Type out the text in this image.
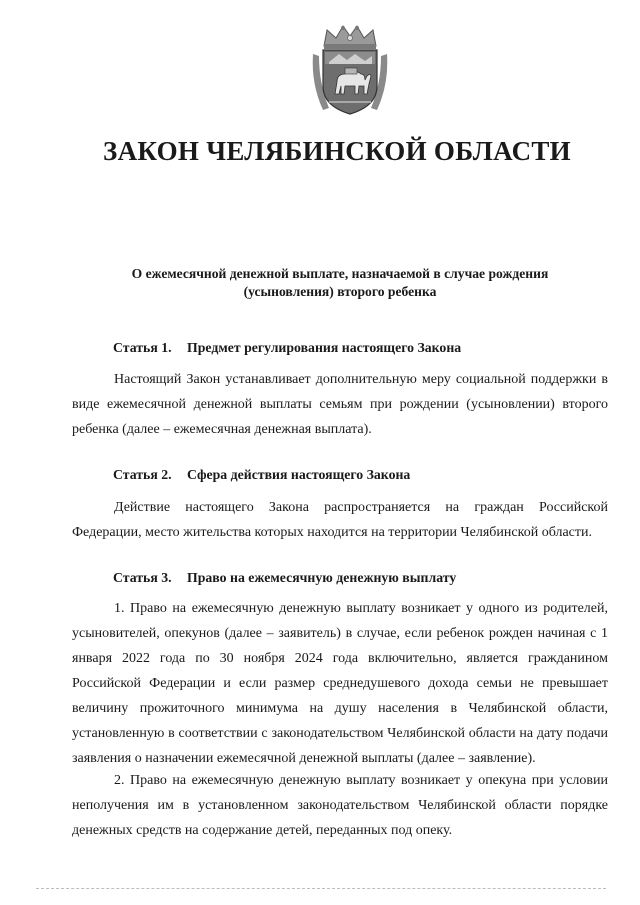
ЗАКОН ЧЕЛЯБИНСКОЙ ОБЛАСТИ
О ежемесячной денежной выплате, назначаемой в случае рождения
(усыновления) второго ребенка
Статья 1. Предмет регулирования настоящего Закона

Настоящий Закон устанавливает дополнительную меру социальной поддержки в виде ежемесячной денежной выплаты семьям при рождении (усыновлении) второго ребенка (далее – ежемесячная денежная выплата).

Статья 2. Сфера действия настоящего Закона

Действие настоящего Закона распространяется на граждан Российской Федерации, место жительства которых находится на территории Челябинской области.

Статья 3. Право на ежемесячную денежную выплату

1. Право на ежемесячную денежную выплату возникает у одного из родителей, усыновителей, опекунов (далее – заявитель) в случае, если ребенок рожден начиная с 1 января 2022 года по 30 ноября 2024 года включительно, является гражданином Российской Федерации и если размер среднедушевого дохода семьи не превышает величину прожиточного минимума на душу населения в Челябинской области, установленную в соответствии с законодательством Челябинской области на дату подачи заявления о назначении ежемесячной денежной выплаты (далее – заявление).

2. Право на ежемесячную денежную выплату возникает у опекуна при условии неполучения им в установленном законодательством Челябинской области порядке денежных средств на содержание детей, переданных под опеку.
